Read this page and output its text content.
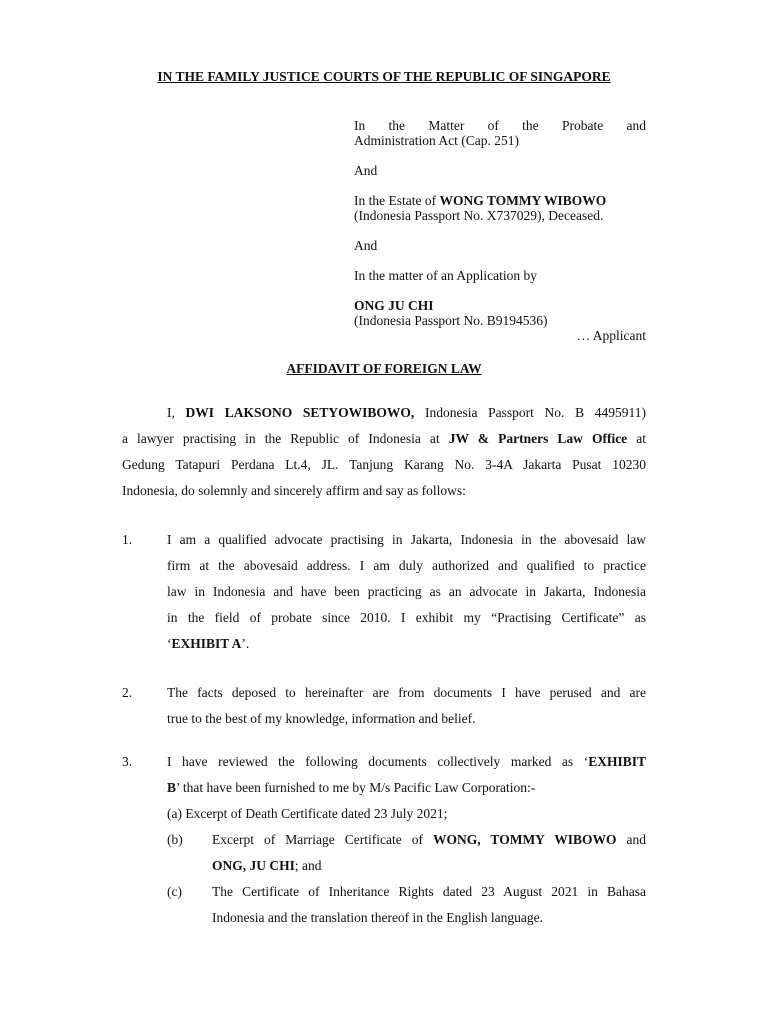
IN THE FAMILY JUSTICE COURTS OF THE REPUBLIC OF SINGAPORE

In the Matter of the Probate and

Administration Act (Cap. 251)

And

In the Estate of WONG TOMMY WIBOWO

(Indonesia Passport No. X737029), Deceased.

And

In the matter of an Application by

ONG JU CHI

(Indonesia Passport No. B9194536)

… Applicant

AFFIDAVIT OF FOREIGN LAW

I, DWI LAKSONO SETYOWIBOWO, Indonesia Passport No. B 4495911)

a lawyer practising in the Republic of Indonesia at JW & Partners Law Office at

Gedung Tatapuri Perdana Lt.4, JL. Tanjung Karang No. 3-4A Jakarta Pusat 10230

Indonesia, do solemnly and sincerely affirm and say as follows:

1.	I am a qualified advocate practising in Jakarta, Indonesia in the abovesaid law

firm at the abovesaid address. I am duly authorized and qualified to practice

law in Indonesia and have been practicing as an advocate in Jakarta, Indonesia

in the field of probate since 2010. I exhibit my “Practising Certificate” as

‘EXHIBIT A’.

2.	The facts deposed to hereinafter are from documents I have perused and are

true to the best of my knowledge, information and belief.

3.	I have reviewed the following documents collectively marked as ‘EXHIBIT

B’ that have been furnished to me by M/s Pacific Law Corporation:-

(a) Excerpt of Death Certificate dated 23 July 2021;

(b) Excerpt of Marriage Certificate of WONG, TOMMY WIBOWO and

ONG, JU CHI; and

(c) The Certificate of Inheritance Rights dated 23 August 2021 in Bahasa

Indonesia and the translation thereof in the English language.
